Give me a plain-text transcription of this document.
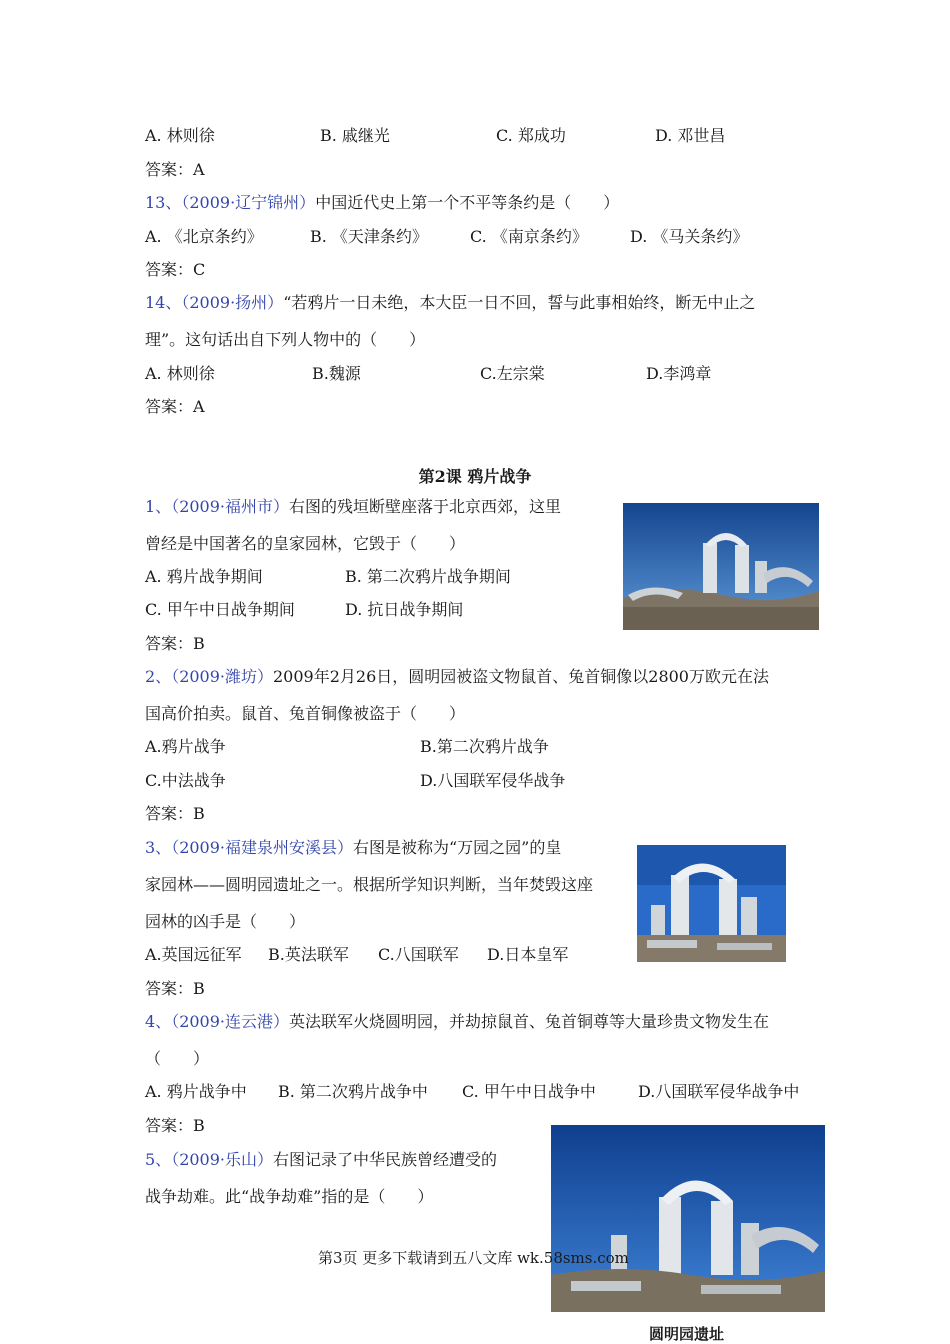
A. 林则徐	B. 戚继光	C. 郑成功	D. 邓世昌
答案：A
13、（2009·辽宁锦州）中国近代史上第一个不平等条约是（　　）
A. 《北京条约》	B. 《天津条约》	C. 《南京条约》	D. 《马关条约》
答案：C
14、（2009·扬州）“若鸦片一日未绝，本大臣一日不回，誓与此事相始终，断无中止之
理”。这句话出自下列人物中的（　　）
A. 林则徐	B.魏源	C.左宗棠	D.李鸿章
答案：A
第2课 鸦片战争
1、（2009·福州市）右图的残垣断壁座落于北京西郊，这里
曾经是中国著名的皇家园林，它毁于（　　）
A. 鸦片战争期间	B. 第二次鸦片战争期间
C. 甲午中日战争期间	D. 抗日战争期间
答案：B
2、（2009·潍坊）2009年2月26日，圆明园被盗文物鼠首、兔首铜像以2800万欧元在法
国高价拍卖。鼠首、兔首铜像被盗于（　　）
A.鸦片战争	B.第二次鸦片战争
C.中法战争	D.八国联军侵华战争
答案：B
3、（2009·福建泉州安溪县）右图是被称为“万园之园”的皇
家园林——圆明园遗址之一。根据所学知识判断，当年焚毁这座
园林的凶手是（　　）
A.英国远征军 B.英法联军 C.八国联军 D.日本皇军
答案：B
4、（2009·连云港）英法联军火烧圆明园，并劫掠鼠首、兔首铜尊等大量珍贵文物发生在
（　　）
A. 鸦片战争中 B. 第二次鸦片战争中 C. 甲午中日战争中	D.八国联军侵华战争中
答案：B
5、（2009·乐山）右图记录了中华民族曾经遭受的
战争劫难。此“战争劫难”指的是（　　）
第3页 更多下载请到五八文库 wk.58sms.com
圆明园遗址
